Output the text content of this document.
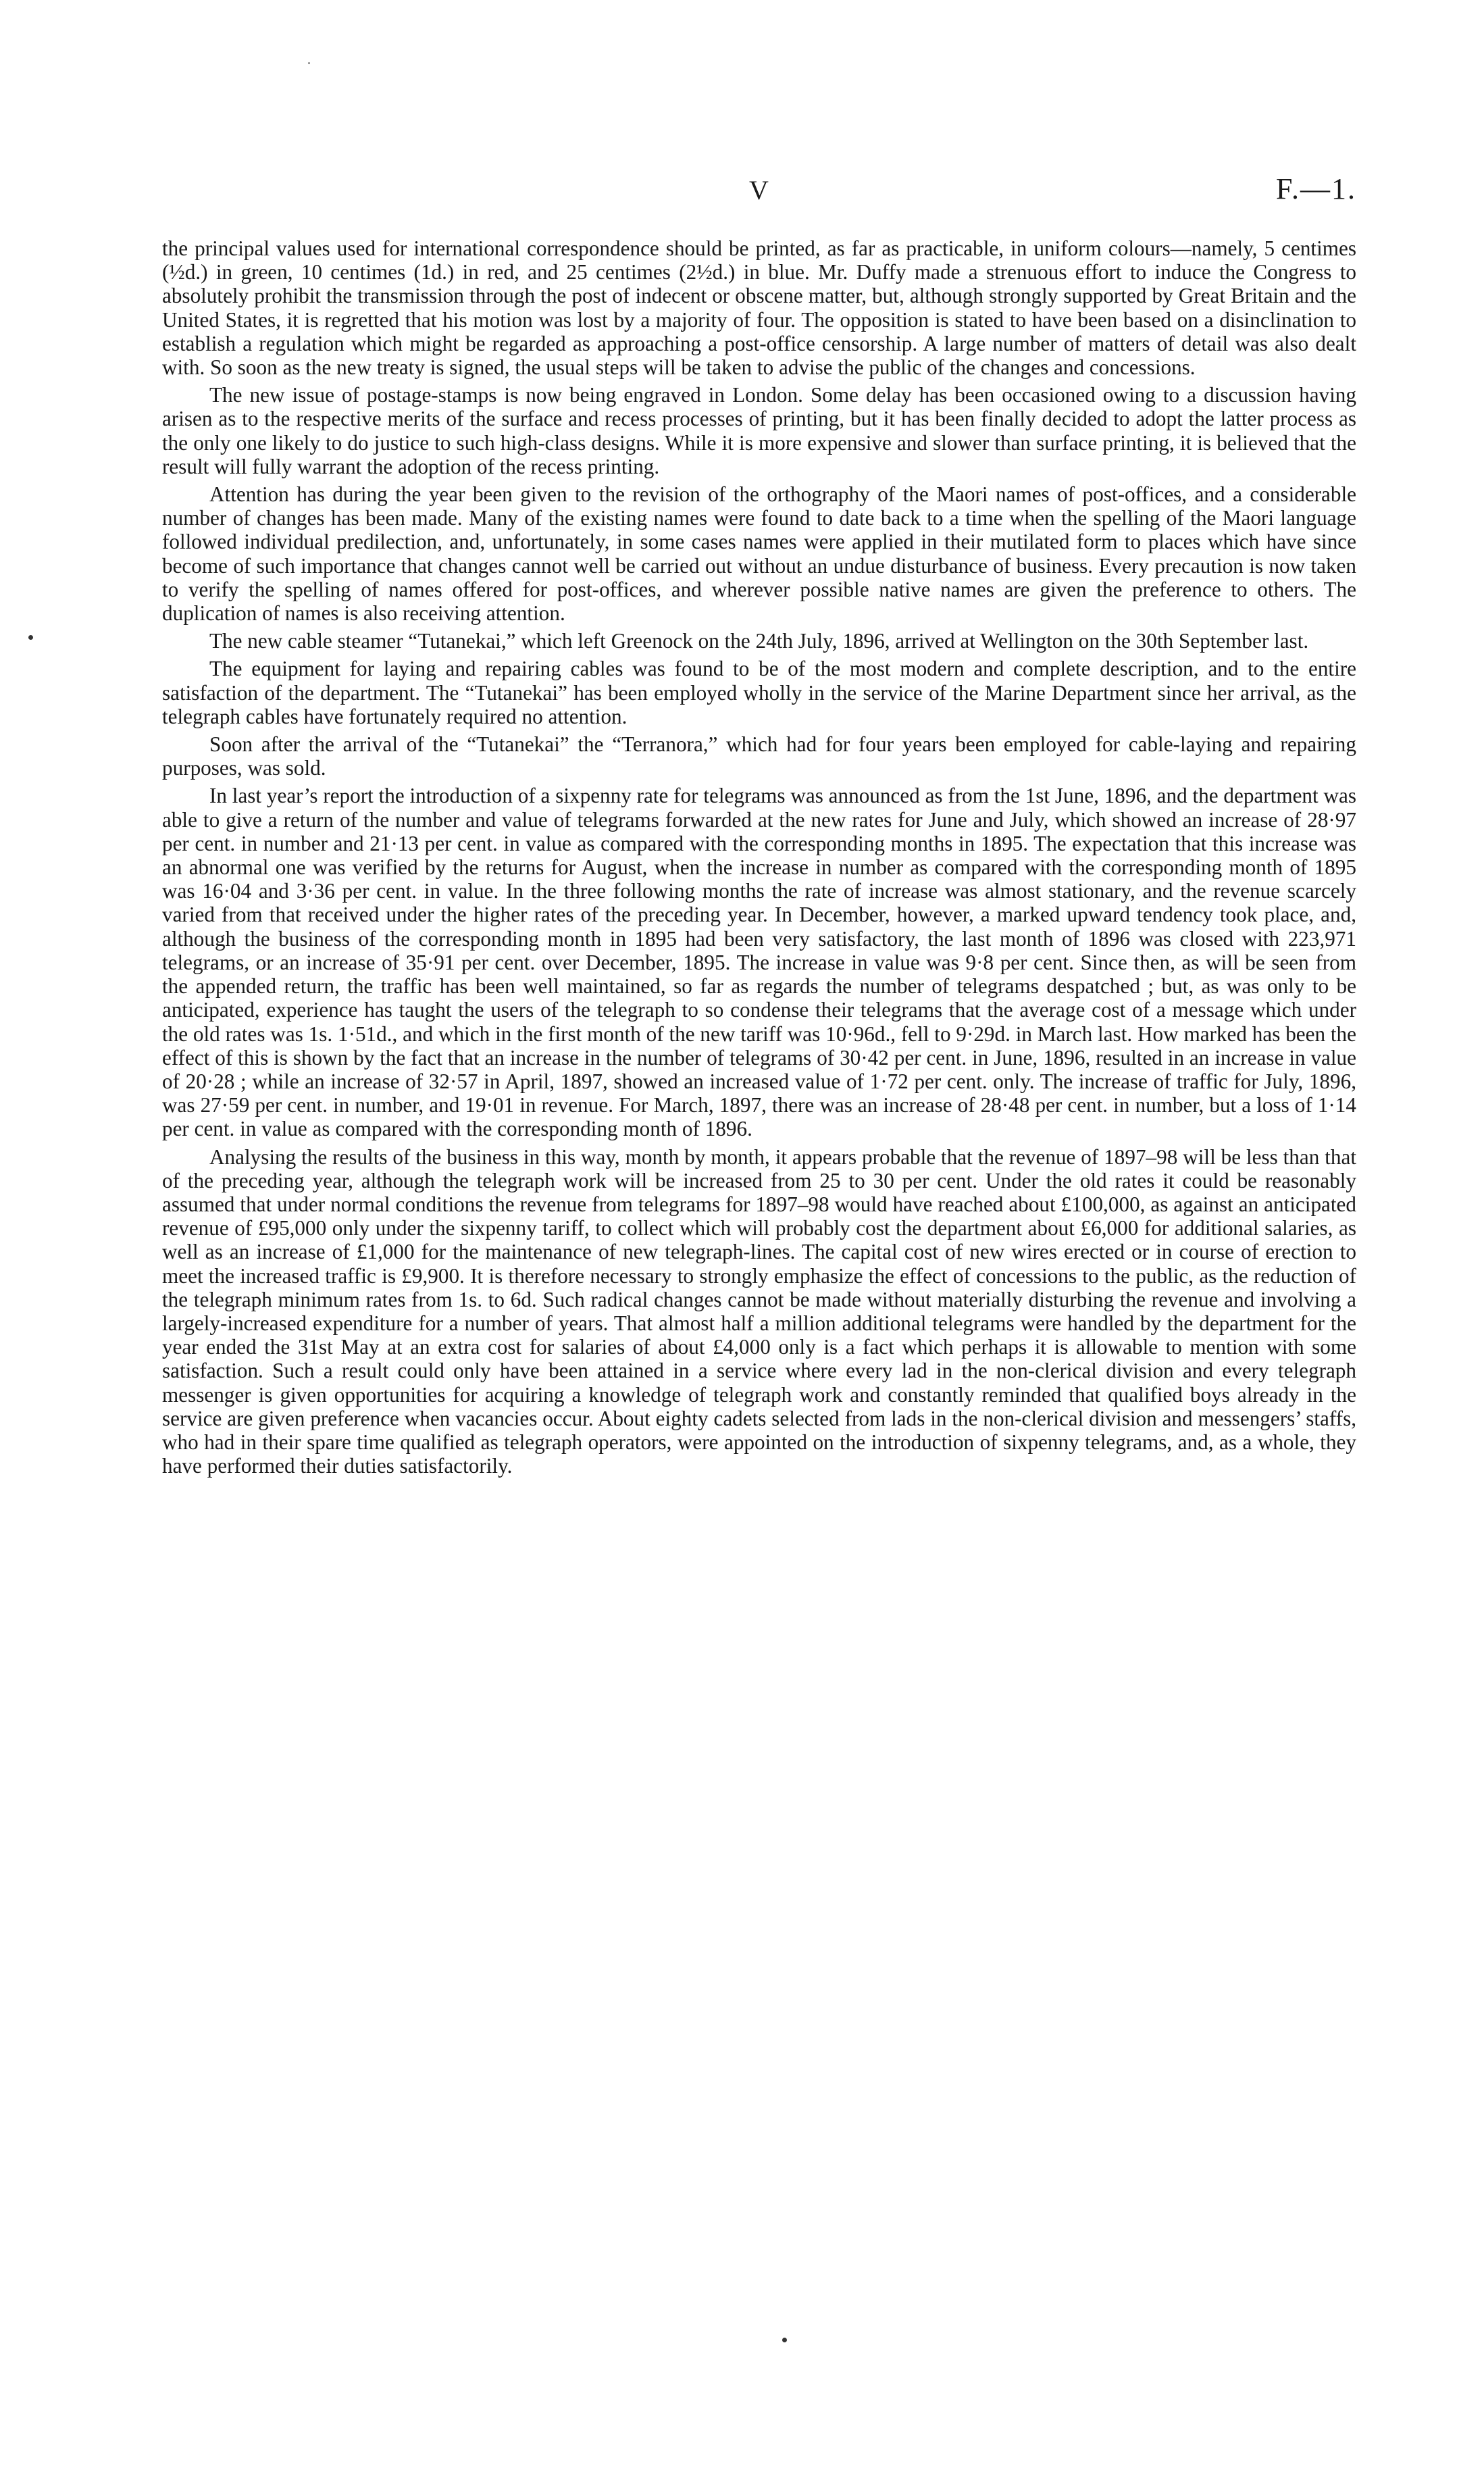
V	F.—1.

the principal values used for international correspondence should be printed, as far as practicable, in uniform colours—namely, 5 centimes (½d.) in green, 10 centimes (1d.) in red, and 25 centimes (2½d.) in blue. Mr. Duffy made a strenuous effort to induce the Congress to absolutely prohibit the transmission through the post of indecent or obscene matter, but, although strongly supported by Great Britain and the United States, it is regretted that his motion was lost by a majority of four. The opposition is stated to have been based on a disinclination to establish a regulation which might be regarded as approaching a post-office censorship. A large number of matters of detail was also dealt with. So soon as the new treaty is signed, the usual steps will be taken to advise the public of the changes and concessions.

The new issue of postage-stamps is now being engraved in London. Some delay has been occasioned owing to a discussion having arisen as to the respective merits of the surface and recess processes of printing, but it has been finally decided to adopt the latter process as the only one likely to do justice to such high-class designs. While it is more expensive and slower than surface printing, it is believed that the result will fully warrant the adoption of the recess printing.

Attention has during the year been given to the revision of the orthography of the Maori names of post-offices, and a considerable number of changes has been made. Many of the existing names were found to date back to a time when the spelling of the Maori language followed individual predilection, and, unfortunately, in some cases names were applied in their mutilated form to places which have since become of such importance that changes cannot well be carried out without an undue disturbance of business. Every precaution is now taken to verify the spelling of names offered for post-offices, and wherever possible native names are given the preference to others. The duplication of names is also receiving attention.

The new cable steamer “Tutanekai,” which left Greenock on the 24th July, 1896, arrived at Wellington on the 30th September last.

The equipment for laying and repairing cables was found to be of the most modern and complete description, and to the entire satisfaction of the department. The “Tutanekai” has been employed wholly in the service of the Marine Department since her arrival, as the telegraph cables have fortunately required no attention.

Soon after the arrival of the “Tutanekai” the “Terranora,” which had for four years been employed for cable-laying and repairing purposes, was sold.

In last year’s report the introduction of a sixpenny rate for telegrams was announced as from the 1st June, 1896, and the department was able to give a return of the number and value of telegrams forwarded at the new rates for June and July, which showed an increase of 28·97 per cent. in number and 21·13 per cent. in value as compared with the corresponding months in 1895. The expectation that this increase was an abnormal one was verified by the returns for August, when the increase in number as compared with the corresponding month of 1895 was 16·04 and 3·36 per cent. in value. In the three following months the rate of increase was almost stationary, and the revenue scarcely varied from that received under the higher rates of the preceding year. In December, however, a marked upward tendency took place, and, although the business of the corresponding month in 1895 had been very satisfactory, the last month of 1896 was closed with 223,971 telegrams, or an increase of 35·91 per cent. over December, 1895. The increase in value was 9·8 per cent. Since then, as will be seen from the appended return, the traffic has been well maintained, so far as regards the number of telegrams despatched ; but, as was only to be anticipated, experience has taught the users of the telegraph to so condense their telegrams that the average cost of a message which under the old rates was 1s. 1·51d., and which in the first month of the new tariff was 10·96d., fell to 9·29d. in March last. How marked has been the effect of this is shown by the fact that an increase in the number of telegrams of 30·42 per cent. in June, 1896, resulted in an increase in value of 20·28 ; while an increase of 32·57 in April, 1897, showed an increased value of 1·72 per cent. only. The increase of traffic for July, 1896, was 27·59 per cent. in number, and 19·01 in revenue. For March, 1897, there was an increase of 28·48 per cent. in number, but a loss of 1·14 per cent. in value as compared with the corresponding month of 1896.

Analysing the results of the business in this way, month by month, it appears probable that the revenue of 1897–98 will be less than that of the preceding year, although the telegraph work will be increased from 25 to 30 per cent. Under the old rates it could be reasonably assumed that under normal conditions the revenue from telegrams for 1897–98 would have reached about £100,000, as against an anticipated revenue of £95,000 only under the sixpenny tariff, to collect which will probably cost the department about £6,000 for additional salaries, as well as an increase of £1,000 for the maintenance of new telegraph-lines. The capital cost of new wires erected or in course of erection to meet the increased traffic is £9,900. It is therefore necessary to strongly emphasize the effect of concessions to the public, as the reduction of the telegraph minimum rates from 1s. to 6d. Such radical changes cannot be made without materially disturbing the revenue and involving a largely-increased expenditure for a number of years. That almost half a million additional telegrams were handled by the department for the year ended the 31st May at an extra cost for salaries of about £4,000 only is a fact which perhaps it is allowable to mention with some satisfaction. Such a result could only have been attained in a service where every lad in the non-clerical division and every telegraph messenger is given opportunities for acquiring a knowledge of telegraph work and constantly reminded that qualified boys already in the service are given preference when vacancies occur. About eighty cadets selected from lads in the non-clerical division and messengers’ staffs, who had in their spare time qualified as telegraph operators, were appointed on the introduction of sixpenny telegrams, and, as a whole, they have performed their duties satisfactorily.
